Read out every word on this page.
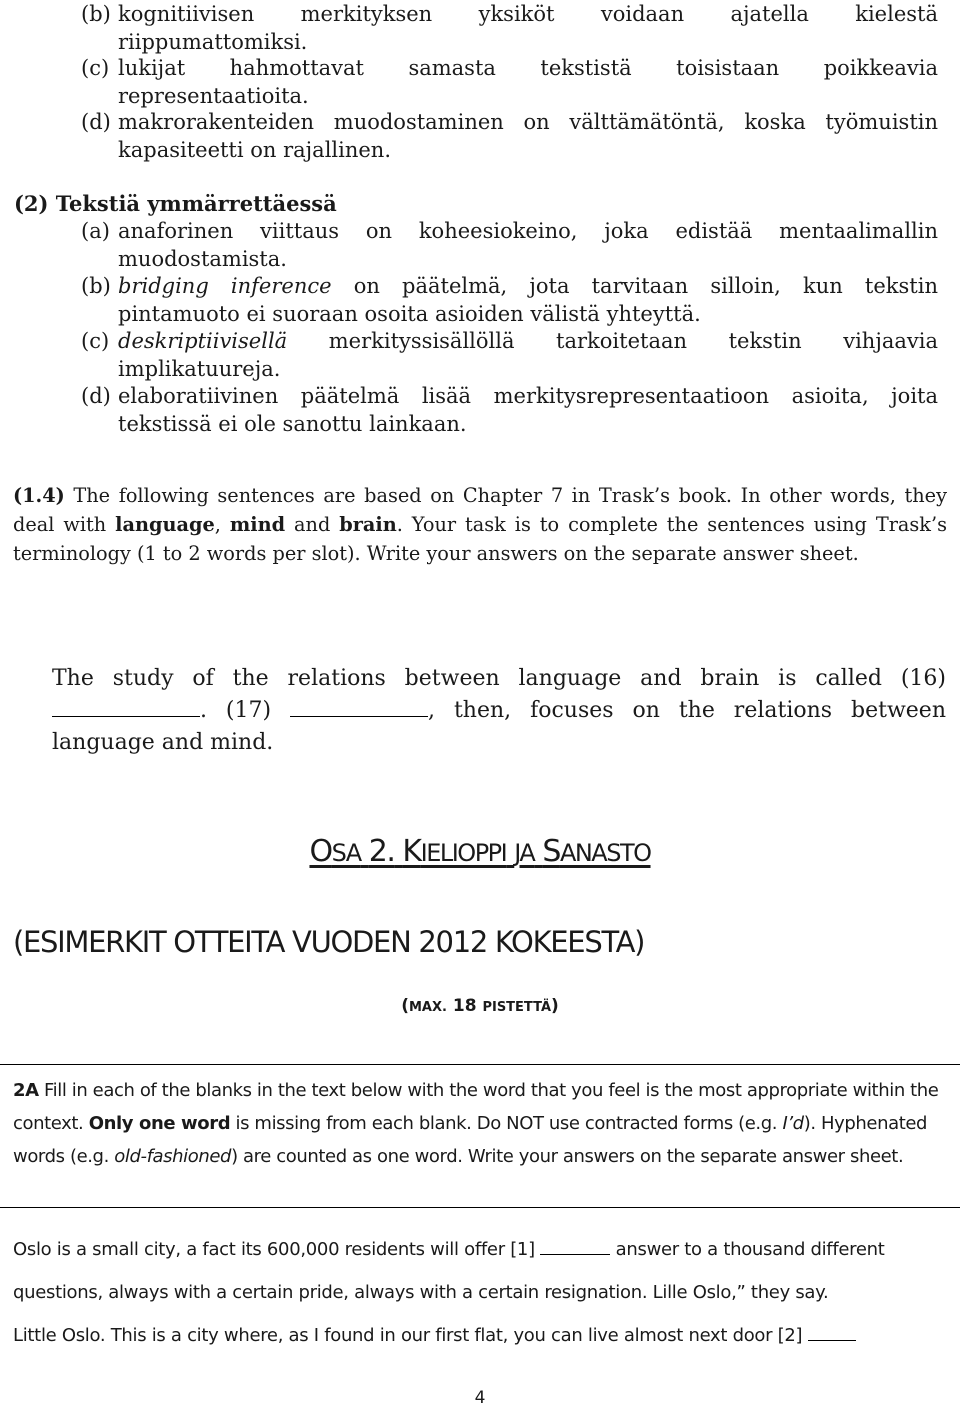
(b) kognitiivisen merkityksen yksiköt voidaan ajatella kielestä
riippumattomiksi.
(c) lukijat hahmottavat samasta tekstistä toisistaan poikkeavia
representaatioita.
(d) makrorakenteiden muodostaminen on välttämätöntä, koska työmuistin
kapasiteetti on rajallinen.
(2) Tekstiä ymmärrettäessä
(a) anaforinen viittaus on koheesiokeino, joka edistää mentaalimallin
muodostamista.
(b) bridging inference on päätelmä, jota tarvitaan silloin, kun tekstin
pintamuoto ei suoraan osoita asioiden välistä yhteyttä.
(c) deskriptiivisellä merkityssisällöllä tarkoitetaan tekstin vihjaavia
implikatuureja.
(d) elaboratiivinen päätelmä lisää merkitysrepresentaatioon asioita, joita
tekstissä ei ole sanottu lainkaan.
(1.4) The following sentences are based on Chapter 7 in Trask’s book. In other words, they deal with language, mind and brain. Your task is to complete the sentences using Trask’s terminology (1 to 2 words per slot). Write your answers on the separate answer sheet.
The study of the relations between language and brain is called (16) . (17)	, then, focuses on the relations between language and mind.
OSA 2. KIELIOPPI JA SANASTO
(ESIMERKIT OTTEITA VUODEN 2012 KOKEESTA)
(MAX. 18 PISTETTÄ)
2A Fill in each of the blanks in the text below with the word that you feel is the most appropriate within the context. Only one word is missing from each blank. Do NOT use contracted forms (e.g. I’d). Hyphenated words (e.g. old-fashioned) are counted as one word. Write your answers on the separate answer sheet.
Oslo is a small city, a fact its 600,000 residents will offer [1]	answer to a thousand different
questions, always with a certain pride, always with a certain resignation. Lille Oslo,” they say.
Little Oslo. This is a city where, as I found in our first flat, you can live almost next door [2]
4
